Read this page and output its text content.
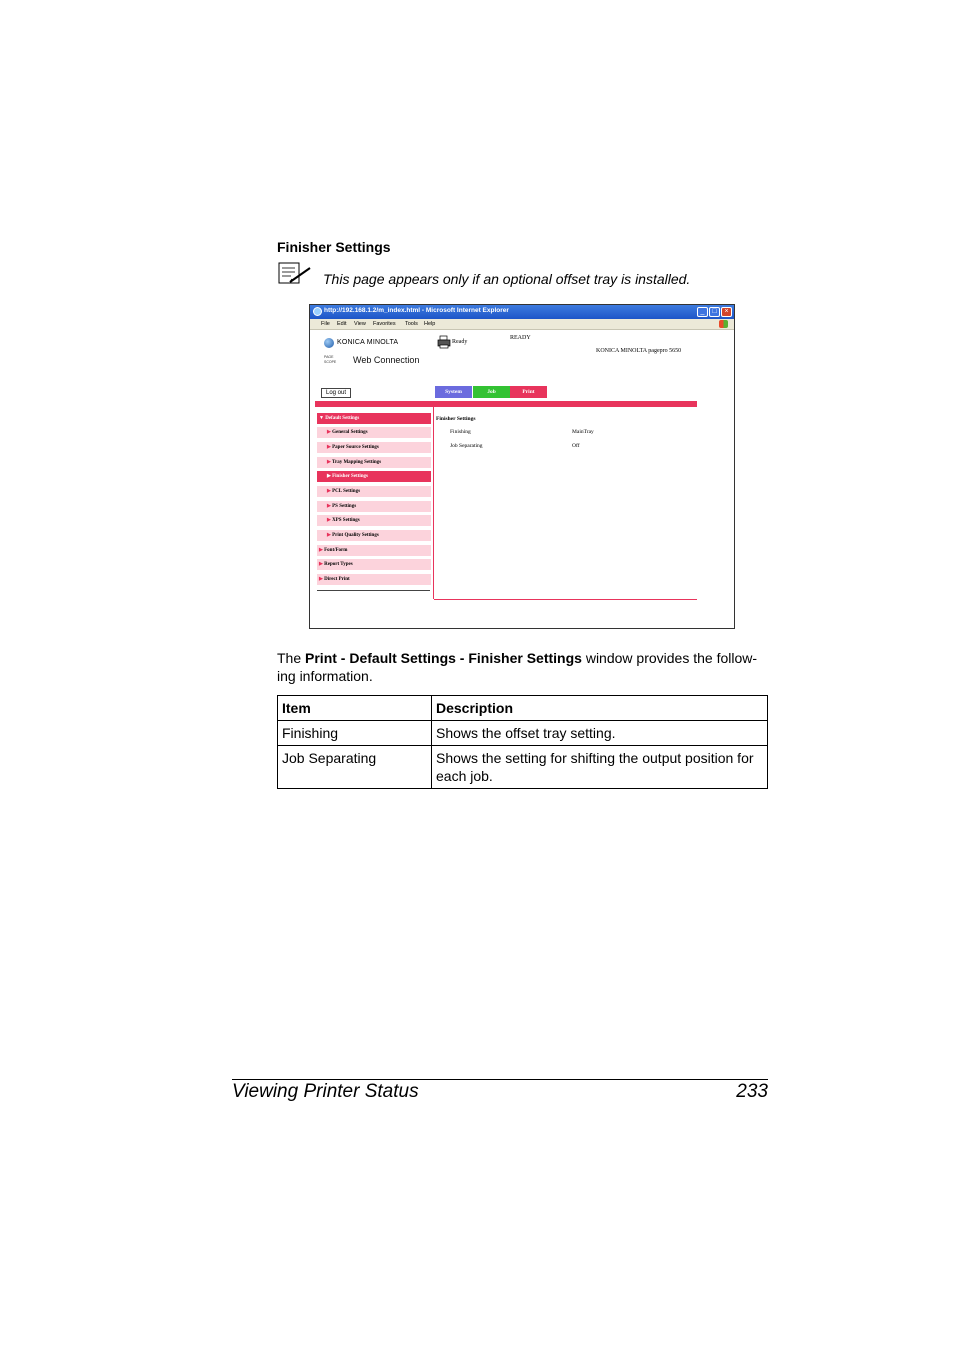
Finisher Settings
This page appears only if an optional offset tray is installed.
http://192.168.1.2/m_index.html - Microsoft Internet Explorer	_	□	×
File Edit View Favorites Tools Help
KONICA MINOLTA
PAGE SCOPE Web Connection
Ready
READY
KONICA MINOLTA pagepro 5650
Log out	System	Job	Print
▼ Default Settings
▶ General Settings
▶ Paper Source Settings
▶ Tray Mapping Settings
▶ Finisher Settings
▶ PCL Settings
▶ PS Settings
▶ XPS Settings
▶ Print Quality Settings
▶ Font/Form
▶ Report Types
▶ Direct Print
Finisher Settings
Finishing	MainTray
Job Separating	Off

The Print - Default Settings - Finisher Settings window provides the follow-ing information.

Item	Description
Finishing	Shows the offset tray setting.
Job Separating	Shows the setting for shifting the output position for each job.
Viewing Printer Status	233
